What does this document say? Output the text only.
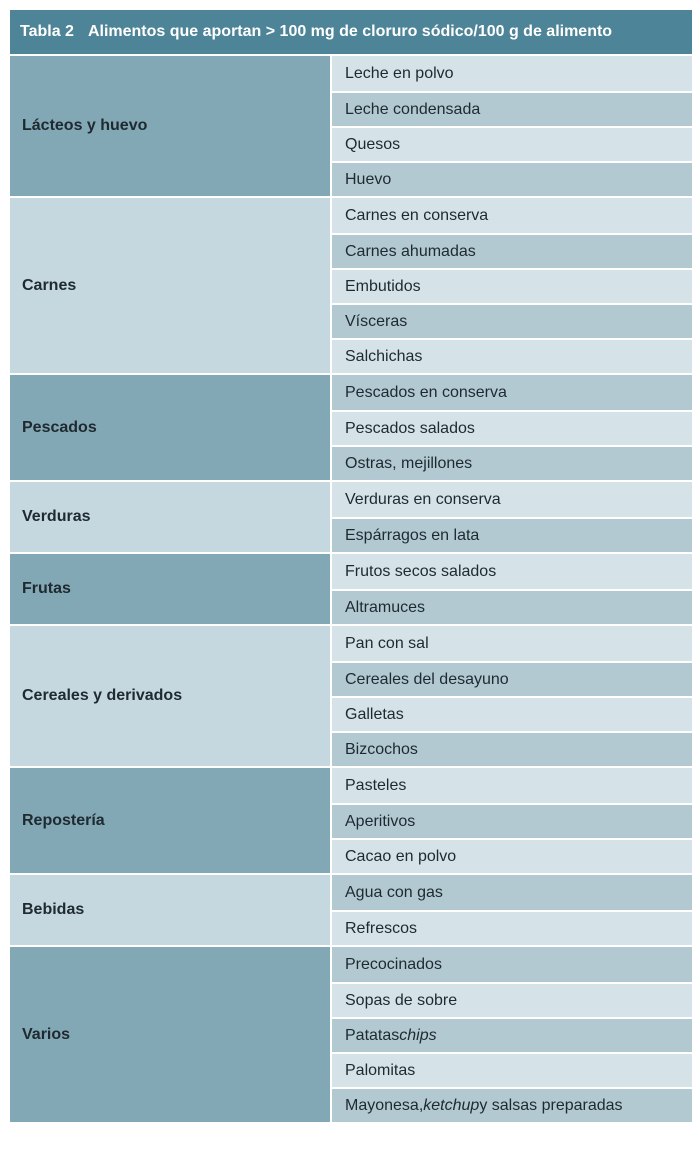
Tabla 2 Alimentos que aportan > 100 mg de cloruro sódico/100 g de alimento
Lácteos y huevo
Leche en polvo
Leche condensada
Quesos
Huevo
Carnes
Carnes en conserva
Carnes ahumadas
Embutidos
Vísceras
Salchichas
Pescados
Pescados en conserva
Pescados salados
Ostras, mejillones
Verduras
Verduras en conserva
Espárragos en lata
Frutas
Frutos secos salados
Altramuces
Cereales y derivados
Pan con sal
Cereales del desayuno
Galletas
Bizcochos
Repostería
Pasteles
Aperitivos
Cacao en polvo
Bebidas
Agua con gas
Refrescos
Varios
Precocinados
Sopas de sobre
Patatas chips
Palomitas
Mayonesa, ketchup y salsas preparadas
